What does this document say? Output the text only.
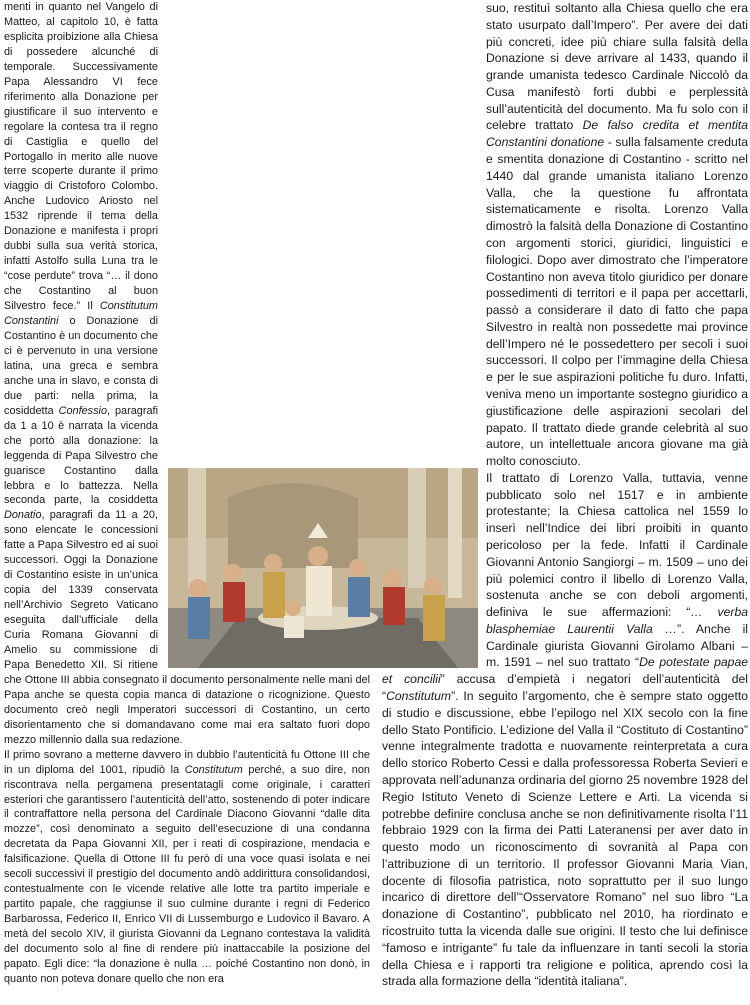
menti in quanto nel Vangelo di Matteo, al capitolo 10, è fatta esplicita proibizione alla Chiesa di possedere alcunché di temporale. Successivamente Papa Alessandro VI fece riferimento alla Donazione per giustificare il suo intervento e regolare la contesa tra il regno di Castiglia e quello del Portogallo in merito alle nuove terre scoperte durante il primo viaggio di Cristoforo Colombo. Anche Ludovico Ariosto nel 1532 riprende il tema della Donazione e manifesta i propri dubbi sulla sua verità storica, infatti Astolfo sulla Luna tra le “cose perdute” trova “… il dono che Costantino al buon Silvestro fece.” Il Constitutum Constantini o Donazione di Costantino è un documento che ci è pervenuto in una versione latina, una greca e sembra anche una in slavo, e consta di due parti: nella prima, la cosiddetta Confessio, paragrafi da 1 a 10 è narrata la vicenda che portò alla donazione: la leggenda di Papa Silvestro che guarisce Costantino dalla lebbra e lo battezza. Nella seconda parte, la cosiddetta Donatio, paragrafi da 11 a 20, sono elencate le concessioni fatte a Papa Silvestro ed ai suoi successori. Oggi la Donazione di Costantino esiste in un’unica copia del 1339 conservata nell’Archivio Segreto Vaticano eseguita dall’ufficiale della Curia Romana Giovanni di Amelio su commissione di Papa Benedetto XII. Si ritiene che Ottone III abbia consegnato il documento personalmente nelle mani del Papa anche se questa copia manca di datazione o ricognizione. Questo documento creò negli Imperatori successori di Costantino, un certo disorientamento che si domandavano come mai era saltato fuori dopo mezzo millennio dalla sua redazione.

Il primo sovrano a metterne davvero in dubbio l’autenticità fu Ottone III che in un diploma del 1001, ripudiò la Constitutum perché, a suo dire, non riscontrava nella pergamena presentatagli come originale, i caratteri esteriori che garantissero l’autenticità dell’atto, sostenendo di poter indicare il contraffattore nella persona del Cardinale Diacono Giovanni “dalle dita mozze”, così denominato a seguito dell’esecuzione di una condanna decretata da Papa Giovanni XII, per i reati di cospirazione, mendacia e falsificazione. Quella di Ottone III fu però di una voce quasi isolata e nei secoli successivi il prestigio del documento andò addirittura consolidandosi, contestualmente con le vicende relative alle lotte tra partito imperiale e partito papale, che raggiunse il suo culmine durante i regni di Federico Barbarossa, Federico II, Enrico VII di Lussemburgo e Ludovico il Bavaro. A metà del secolo XIV, il giurista Giovanni da Legnano contestava la validità del documento solo al fine di rendere più inattaccabile la posizione del papato. Egli dice: “la donazione è nulla … poiché Costantino non donò, in quanto non poteva donare quello che non era

suo, restituì soltanto alla Chiesa quello che era stato usurpato dall’Impero”. Per avere dei dati più concreti, idee più chiare sulla falsità della Donazione si deve arrivare al 1433, quando il grande umanista tedesco Cardinale Niccolò da Cusa manifestò forti dubbi e perplessità sull’autenticità del documento. Ma fu solo con il celebre trattato De falso credita et mentita Constantini donatione - sulla falsamente creduta e smentita donazione di Costantino - scritto nel 1440 dal grande umanista italiano Lorenzo Valla, che la questione fu affrontata sistematicamente e risolta. Lorenzo Valla dimostrò la falsità della Donazione di Costantino con argomenti storici, giuridici, linguistici e filologici. Dopo aver dimostrato che l’imperatore Costantino non aveva titolo giuridico per donare possedimenti di territori e il papa per accettarli, passò a considerare il dato di fatto che papa Silvestro in realtà non possedette mai province dell’Impero né le possedettero per secoli i suoi successori. Il colpo per l’immagine della Chiesa e per le sue aspirazioni politiche fu duro. Infatti, veniva meno un importante sostegno giuridico a giustificazione delle aspirazioni secolari del papato. Il trattato diede grande celebrità al suo autore, un intellettuale ancora giovane ma già molto conosciuto.

Il trattato di Lorenzo Valla, tuttavia, venne pubblicato solo nel 1517 e in ambiente protestante; la Chiesa cattolica nel 1559 lo inserì nell’Indice dei libri proibiti in quanto pericoloso per la fede. Infatti il Cardinale Giovanni Antonio Sangiorgi – m. 1509 – uno dei più polemici contro il libello di Lorenzo Valla, sostenuta anche se con deboli argomenti, definiva le sue affermazioni: “… verba blasphemiae Laurentii Valla …”. Anche il Cardinale giurista Giovanni Girolamo Albani – m. 1591 – nel suo trattato “De potestate papae et concilii” accusa d’empietà i negatori dell’autenticità del “Constitutum”. In seguito l’argomento, che è sempre stato oggetto di studio e discussione, ebbe l’epilogo nel XIX secolo con la fine dello Stato Pontificio. L’edizione del Valla il “Costituto di Costantino” venne integralmente tradotta e nuovamente reinterpretata a cura dello storico Roberto Cessi e dalla professoressa Roberta Sevieri e approvata nell’adunanza ordinaria del giorno 25 novembre 1928 del Regio Istituto Veneto di Scienze Lettere e Arti. La vicenda si potrebbe definire conclusa anche se non definitivamente risolta l’11 febbraio 1929 con la firma dei Patti Lateranensi per aver dato in questo modo un riconoscimento di sovranità al Papa con l’attribuzione di un territorio. Il professor Giovanni Maria Vian, docente di filosofia patristica, noto soprattutto per il suo lungo incarico di direttore dell’“Osservatore Romano” nel suo libro “La donazione di Costantino”, pubblicato nel 2010, ha riordinato e ricostruito tutta la vicenda dalle sue origini. Il testo che lui definisce “famoso e intrigante” fu tale da influenzare in tanti secoli la storia della Chiesa e i rapporti tra religione e politica, aprendo così la strada alla formazione della “identità italiana”.
